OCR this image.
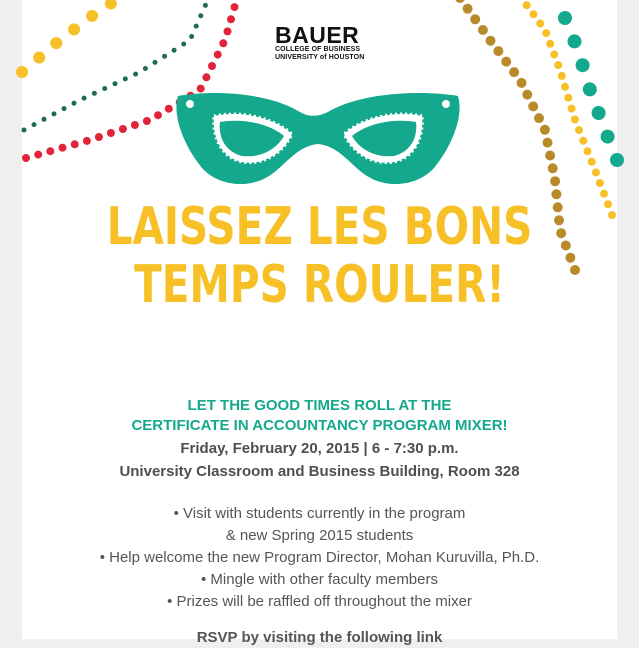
BAUER
COLLEGE OF BUSINESS
UNIVERSITY of HOUSTON
LAISSEZ LES BONS
TEMPS ROULER!
LET THE GOOD TIMES ROLL AT THE
CERTIFICATE IN ACCOUNTANCY PROGRAM MIXER!
Friday, February 20, 2015 | 6 - 7:30 p.m.
University Classroom and Business Building, Room 328
• Visit with students currently in the program
& new Spring 2015 students
• Help welcome the new Program Director, Mohan Kuruvilla, Ph.D.
• Mingle with other faculty members
• Prizes will be raffled off throughout the mixer
RSVP by visiting the following link
